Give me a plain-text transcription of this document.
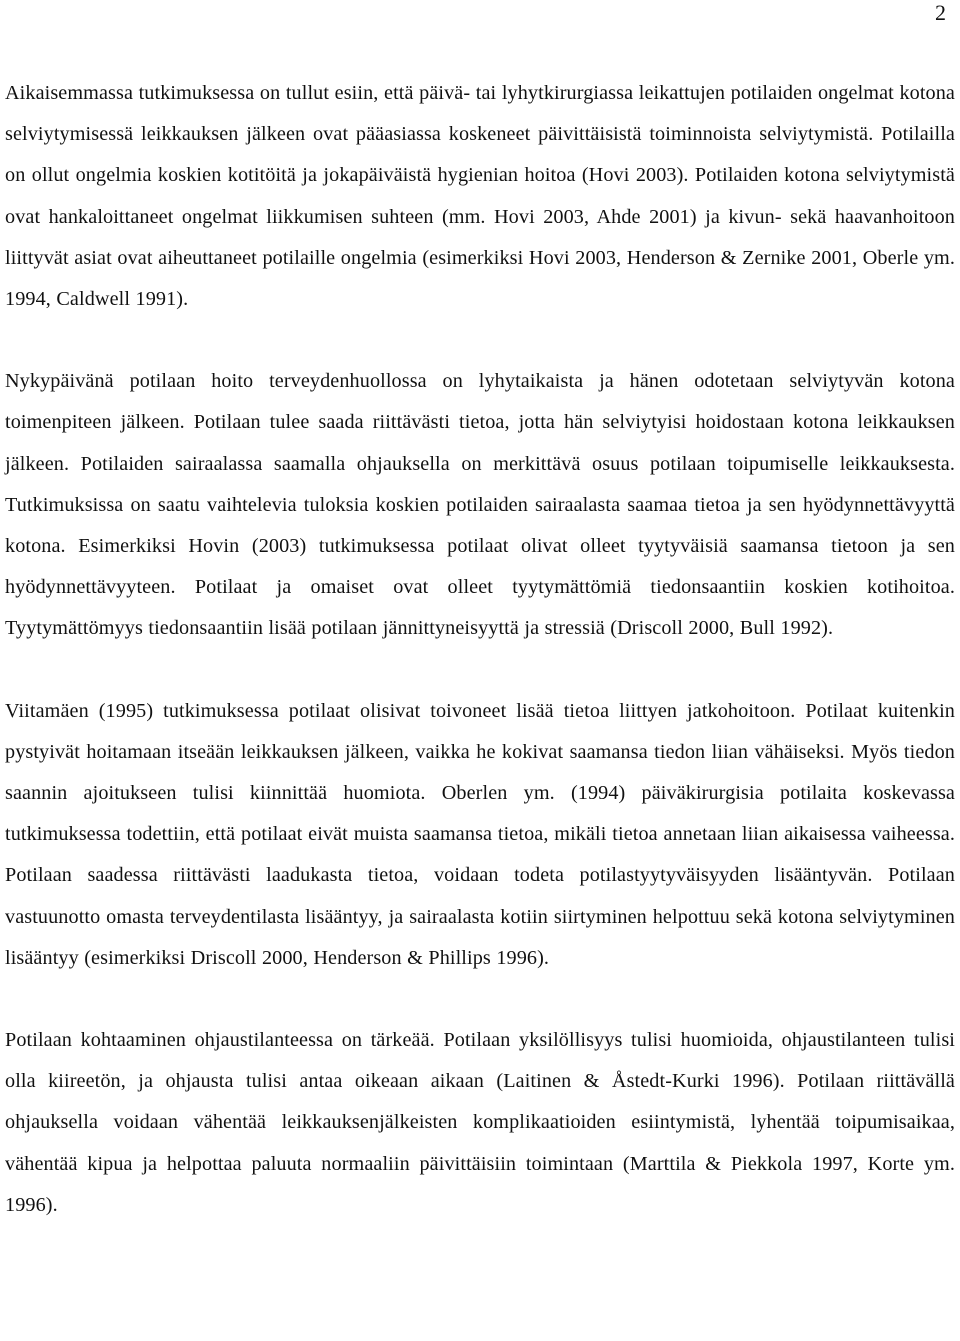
2

Aikaisemmassa tutkimuksessa on tullut esiin, että päivä- tai lyhytkirurgiassa leikattujen potilaiden ongelmat kotona selviytymisessä leikkauksen jälkeen ovat pääasiassa koskeneet päivittäisistä toiminnoista selviytymistä. Potilailla on ollut ongelmia koskien kotitöitä ja jokapäiväistä hygienian hoitoa (Hovi 2003). Potilaiden kotona selviytymistä ovat hankaloittaneet ongelmat liikkumisen suhteen (mm. Hovi 2003, Ahde 2001) ja kivun- sekä haavanhoitoon liittyvät asiat ovat aiheuttaneet potilaille ongelmia (esimerkiksi Hovi 2003, Henderson & Zernike 2001, Oberle ym. 1994, Caldwell 1991).

Nykypäivänä potilaan hoito terveydenhuollossa on lyhytaikaista ja hänen odotetaan selviytyvän kotona toimenpiteen jälkeen. Potilaan tulee saada riittävästi tietoa, jotta hän selviytyisi hoidostaan kotona leikkauksen jälkeen. Potilaiden sairaalassa saamalla ohjauksella on merkittävä osuus potilaan toipumiselle leikkauksesta. Tutkimuksissa on saatu vaihtelevia tuloksia koskien potilaiden sairaalasta saamaa tietoa ja sen hyödynnettävyyttä kotona. Esimerkiksi Hovin (2003) tutkimuksessa potilaat olivat olleet tyytyväisiä saamansa tietoon ja sen hyödynnettävyyteen. Potilaat ja omaiset ovat olleet tyytymättömiä tiedonsaantiin koskien kotihoitoa. Tyytymättömyys tiedonsaantiin lisää potilaan jännittyneisyyttä ja stressiä (Driscoll 2000, Bull 1992).

Viitamäen (1995) tutkimuksessa potilaat olisivat toivoneet lisää tietoa liittyen jatkohoitoon. Potilaat kuitenkin pystyivät hoitamaan itseään leikkauksen jälkeen, vaikka he kokivat saamansa tiedon liian vähäiseksi. Myös tiedon saannin ajoitukseen tulisi kiinnittää huomiota. Oberlen ym. (1994) päiväkirurgisia potilaita koskevassa tutkimuksessa todettiin, että potilaat eivät muista saamansa tietoa, mikäli tietoa annetaan liian aikaisessa vaiheessa. Potilaan saadessa riittävästi laadukasta tietoa, voidaan todeta potilastyytyväisyyden lisääntyvän. Potilaan vastuunotto omasta terveydentilasta lisääntyy, ja sairaalasta kotiin siirtyminen helpottuu sekä kotona selviytyminen lisääntyy (esimerkiksi Driscoll 2000, Henderson & Phillips 1996).

Potilaan kohtaaminen ohjaustilanteessa on tärkeää. Potilaan yksilöllisyys tulisi huomioida, ohjaustilanteen tulisi olla kiireetön, ja ohjausta tulisi antaa oikeaan aikaan (Laitinen & Åstedt-Kurki 1996). Potilaan riittävällä ohjauksella voidaan vähentää leikkauksenjälkeisten komplikaatioiden esiintymistä, lyhentää toipumisaikaa, vähentää kipua ja helpottaa paluuta normaaliin päivittäisiin toimintaan (Marttila & Piekkola 1997, Korte ym. 1996).
